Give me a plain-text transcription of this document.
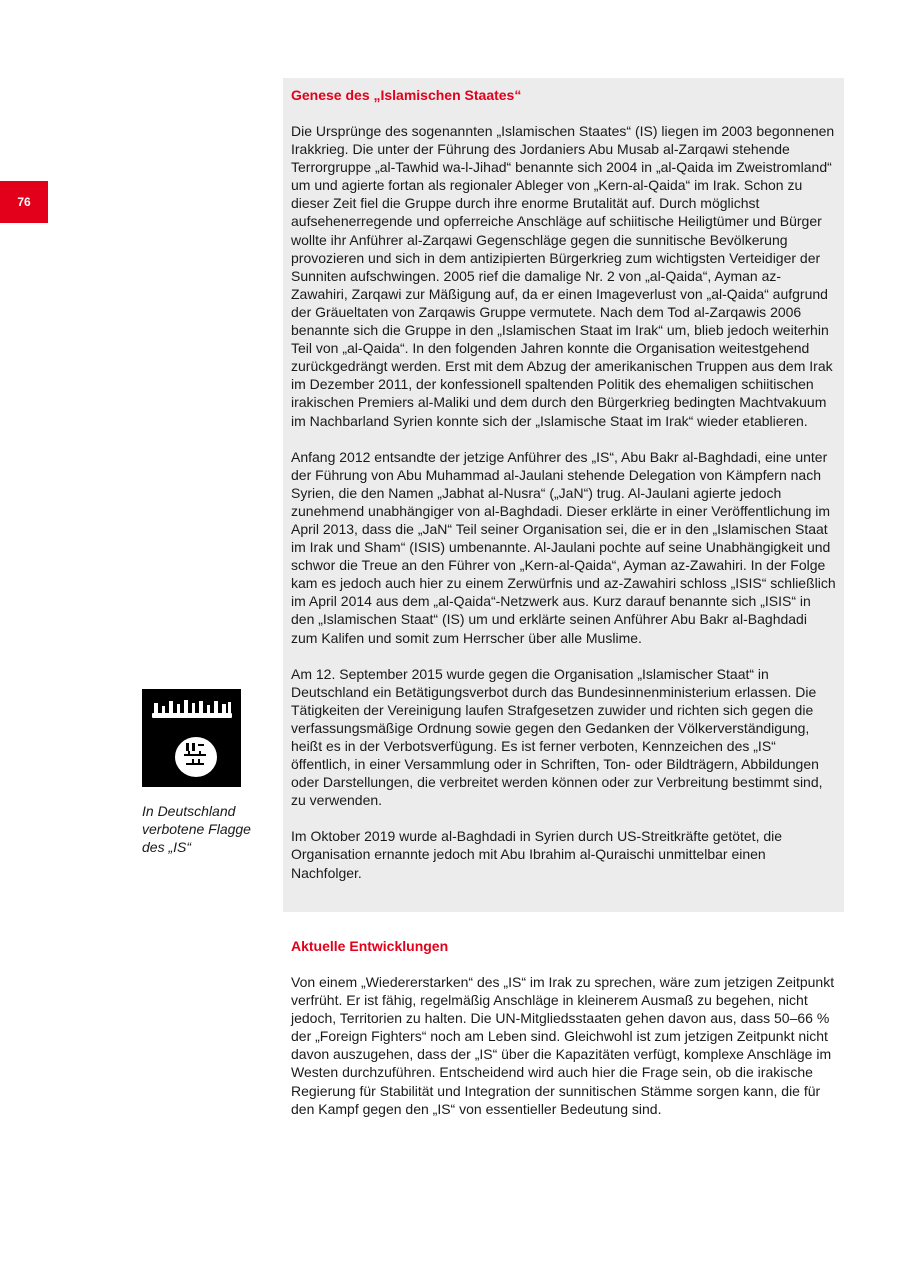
76
Genese des „Islamischen Staates“

Die Ursprünge des sogenannten „Islamischen Staates“ (IS) liegen im 2003 begonnenen Irakkrieg. Die unter der Führung des Jordaniers Abu Musab al-Zarqawi stehende Terrorgruppe „al-Tawhid wa-l-Jihad“ benannte sich 2004 in „al-Qaida im Zweistromland“ um und agierte fortan als regionaler Ableger von „Kern-al-Qaida“ im Irak. Schon zu dieser Zeit fiel die Gruppe durch ihre enorme Brutalität auf. Durch möglichst aufsehenerregende und opferreiche Anschläge auf schiitische Heiligtümer und Bürger wollte ihr Anführer al-Zarqawi Gegenschläge gegen die sunnitische Bevölkerung provozieren und sich in dem antizipierten Bürgerkrieg zum wichtigsten Verteidiger der Sunniten aufschwingen. 2005 rief die damalige Nr. 2 von „al-Qaida“, Ayman az-Zawahiri, Zarqawi zur Mäßigung auf, da er einen Imageverlust von „al-Qaida“ aufgrund der Gräueltaten von Zarqawis Gruppe vermutete. Nach dem Tod al-Zarqawis 2006 benannte sich die Gruppe in den „Islamischen Staat im Irak“ um, blieb jedoch weiterhin Teil von „al-Qaida“. In den folgenden Jahren konnte die Organisation weitestgehend zurückgedrängt werden. Erst mit dem Abzug der amerikanischen Truppen aus dem Irak im Dezember 2011, der konfessionell spaltenden Politik des ehemaligen schiitischen irakischen Premiers al-Maliki und dem durch den Bürgerkrieg bedingten Machtvakuum im Nachbarland Syrien konnte sich der „Islamische Staat im Irak“ wieder etablieren.

Anfang 2012 entsandte der jetzige Anführer des „IS“, Abu Bakr al-Baghdadi, eine unter der Führung von Abu Muhammad al-Jaulani stehende Delegation von Kämpfern nach Syrien, die den Namen „Jabhat al-Nusra“ („JaN“) trug. Al-Jaulani agierte jedoch zunehmend unabhängiger von al-Baghdadi. Dieser erklärte in einer Veröffentlichung im April 2013, dass die „JaN“ Teil seiner Organisation sei, die er in den „Islamischen Staat im Irak und Sham“ (ISIS) umbenannte. Al-Jaulani pochte auf seine Unabhängigkeit und schwor die Treue an den Führer von „Kern-al-Qaida“, Ayman az-Zawahiri. In der Folge kam es jedoch auch hier zu einem Zerwürfnis und az-Zawahiri schloss „ISIS“ schließlich im April 2014 aus dem „al-Qaida“-Netzwerk aus. Kurz darauf benannte sich „ISIS“ in den „Islamischen Staat“ (IS) um und erklärte seinen Anführer Abu Bakr al-Baghdadi zum Kalifen und somit zum Herrscher über alle Muslime.

Am 12. September 2015 wurde gegen die Organisation „Islamischer Staat“ in Deutschland ein Betätigungsverbot durch das Bundesinnenministerium erlassen. Die Tätigkeiten der Vereinigung laufen Strafgesetzen zuwider und richten sich gegen die verfassungsmäßige Ordnung sowie gegen den Gedanken der Völkerverständigung, heißt es in der Verbotsverfügung. Es ist ferner verboten, Kennzeichen des „IS“ öffentlich, in einer Versammlung oder in Schriften, Ton- oder Bildträgern, Abbildungen oder Darstellungen, die verbreitet werden können oder zur Verbreitung bestimmt sind, zu verwenden.

Im Oktober 2019 wurde al-Baghdadi in Syrien durch US-Streitkräfte getötet, die Organisation ernannte jedoch mit Abu Ibrahim al-Quraischi unmittelbar einen Nachfolger.

In Deutschland
verbotene Flagge
des „IS“
Aktuelle Entwicklungen

Von einem „Wiedererstarken“ des „IS“ im Irak zu sprechen, wäre zum jetzigen Zeitpunkt verfrüht. Er ist fähig, regelmäßig Anschläge in kleinerem Ausmaß zu begehen, nicht jedoch, Territorien zu halten. Die UN-Mitgliedsstaaten gehen davon aus, dass 50–66 % der „Foreign Fighters“ noch am Leben sind. Gleichwohl ist zum jetzigen Zeitpunkt nicht davon auszugehen, dass der „IS“ über die Kapazitäten verfügt, komplexe Anschläge im Westen durchzuführen. Entscheidend wird auch hier die Frage sein, ob die irakische Regierung für Stabilität und Integration der sunnitischen Stämme sorgen kann, die für den Kampf gegen den „IS“ von essentieller Bedeutung sind.
